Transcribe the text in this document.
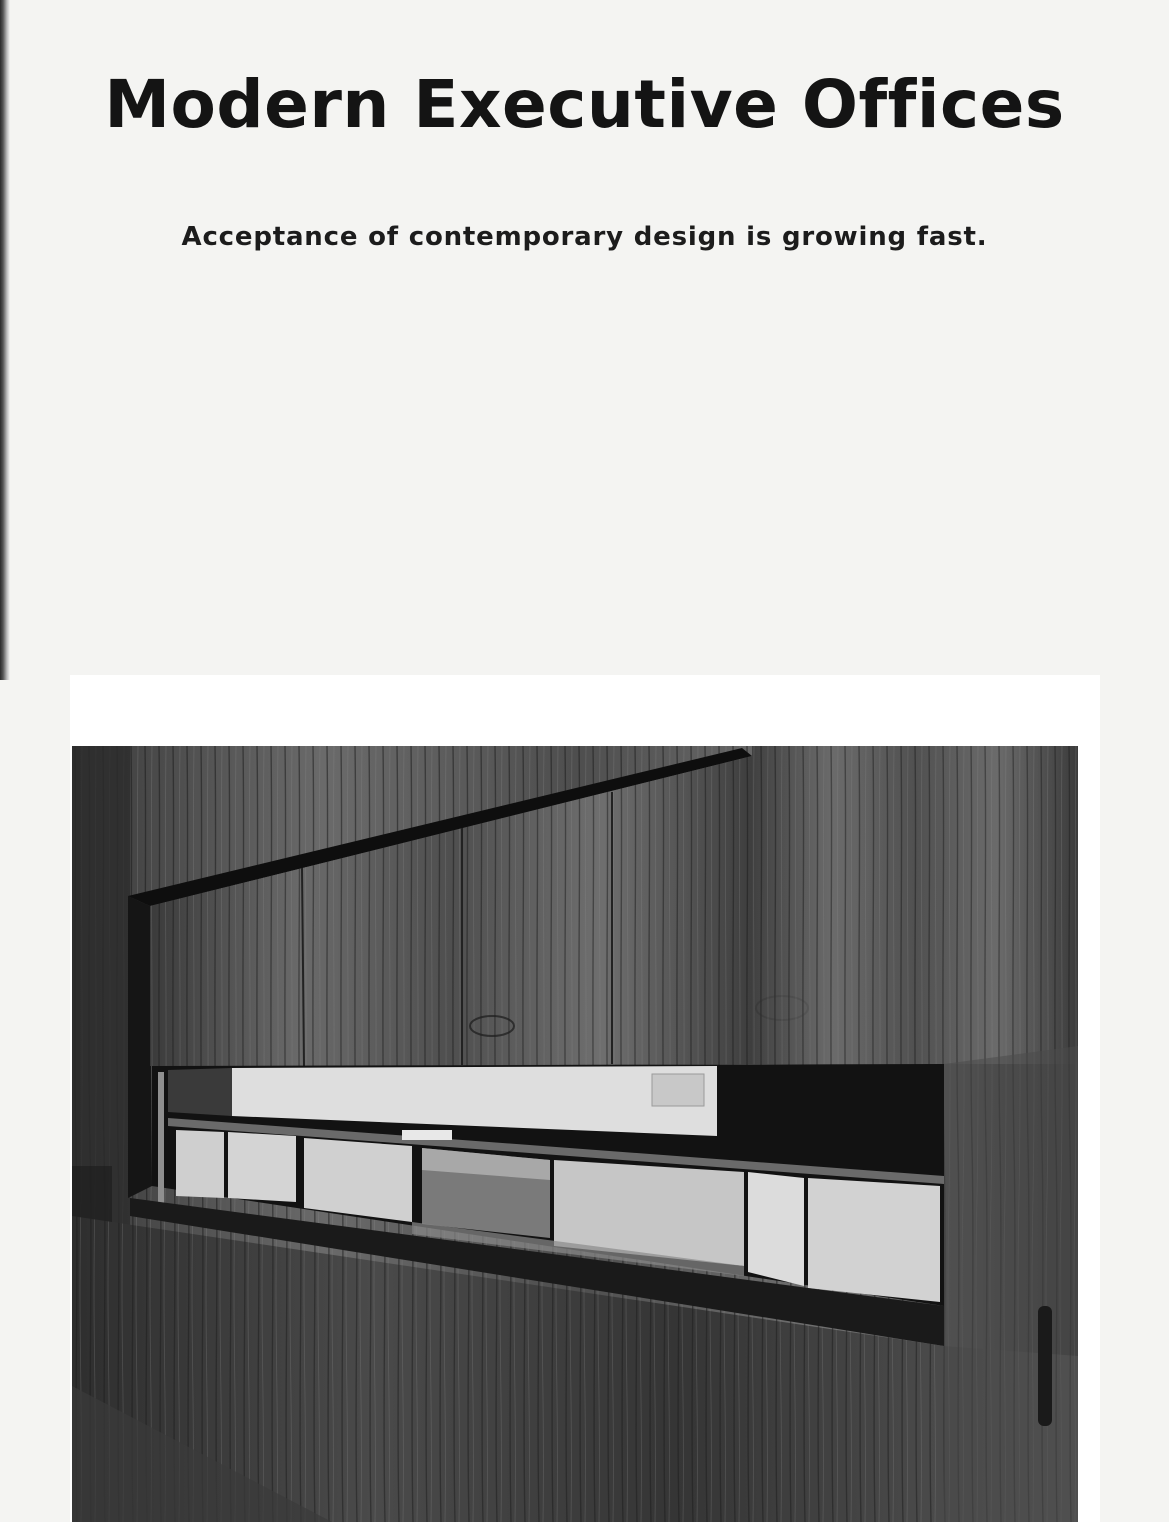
Modern Executive Offices
Acceptance of contemporary design is growing fast.
